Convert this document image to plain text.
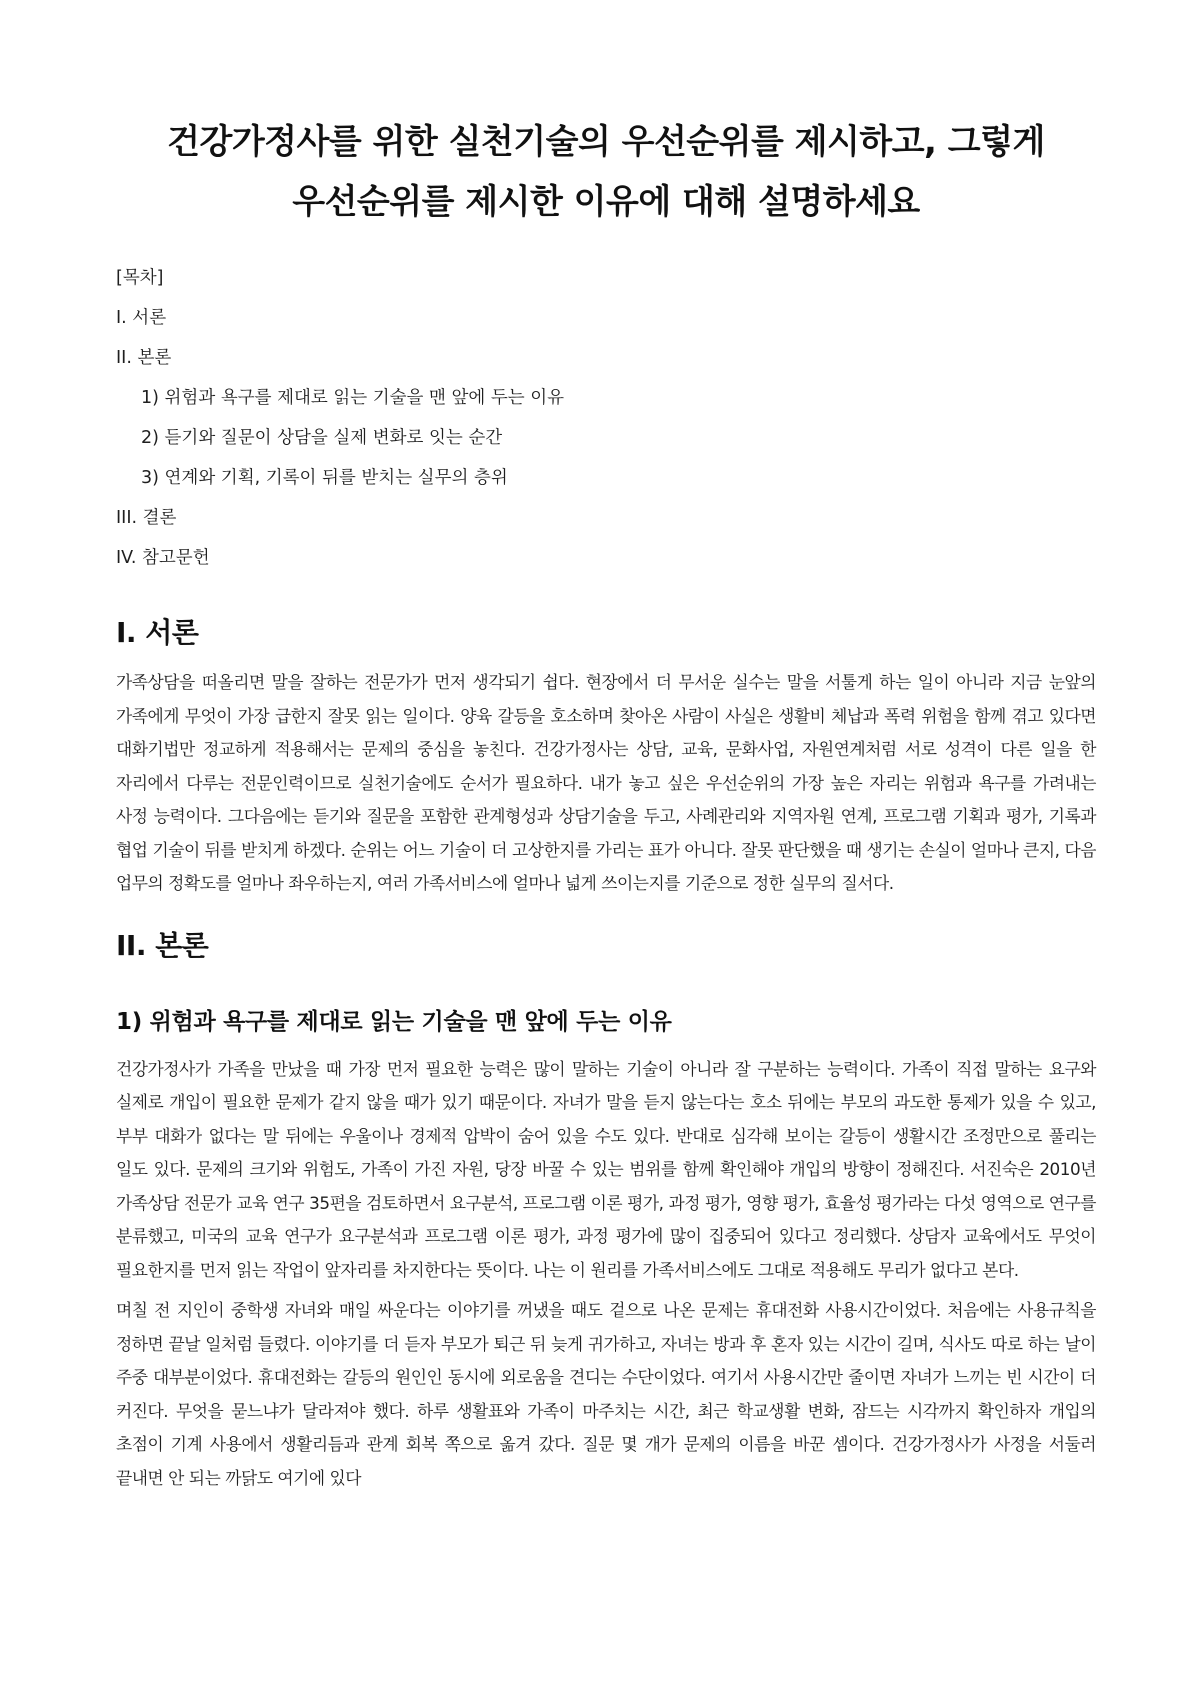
건강가정사를 위한 실천기술의 우선순위를 제시하고, 그렇게
우선순위를 제시한 이유에 대해 설명하세요
[목차]
I. 서론
II. 본론
1) 위험과 욕구를 제대로 읽는 기술을 맨 앞에 두는 이유
2) 듣기와 질문이 상담을 실제 변화로 잇는 순간
3) 연계와 기획, 기록이 뒤를 받치는 실무의 층위
III. 결론
IV. 참고문헌
I. 서론

가족상담을 떠올리면 말을 잘하는 전문가가 먼저 생각되기 쉽다. 현장에서 더 무서운 실수는 말을 서툴게 하는 일이 아니라 지금 눈앞의 가족에게 무엇이 가장 급한지 잘못 읽는 일이다. 양육 갈등을 호소하며 찾아온 사람이 사실은 생활비 체납과 폭력 위험을 함께 겪고 있다면 대화기법만 정교하게 적용해서는 문제의 중심을 놓친다. 건강가정사는 상담, 교육, 문화사업, 자원연계처럼 서로 성격이 다른 일을 한 자리에서 다루는 전문인력이므로 실천기술에도 순서가 필요하다. 내가 놓고 싶은 우선순위의 가장 높은 자리는 위험과 욕구를 가려내는 사정 능력이다. 그다음에는 듣기와 질문을 포함한 관계형성과 상담기술을 두고, 사례관리와 지역자원 연계, 프로그램 기획과 평가, 기록과 협업 기술이 뒤를 받치게 하겠다. 순위는 어느 기술이 더 고상한지를 가리는 표가 아니다. 잘못 판단했을 때 생기는 손실이 얼마나 큰지, 다음 업무의 정확도를 얼마나 좌우하는지, 여러 가족서비스에 얼마나 넓게 쓰이는지를 기준으로 정한 실무의 질서다.

II. 본론
1) 위험과 욕구를 제대로 읽는 기술을 맨 앞에 두는 이유

건강가정사가 가족을 만났을 때 가장 먼저 필요한 능력은 많이 말하는 기술이 아니라 잘 구분하는 능력이다. 가족이 직접 말하는 요구와 실제로 개입이 필요한 문제가 같지 않을 때가 있기 때문이다. 자녀가 말을 듣지 않는다는 호소 뒤에는 부모의 과도한 통제가 있을 수 있고, 부부 대화가 없다는 말 뒤에는 우울이나 경제적 압박이 숨어 있을 수도 있다. 반대로 심각해 보이는 갈등이 생활시간 조정만으로 풀리는 일도 있다. 문제의 크기와 위험도, 가족이 가진 자원, 당장 바꿀 수 있는 범위를 함께 확인해야 개입의 방향이 정해진다. 서진숙은 2010년 가족상담 전문가 교육 연구 35편을 검토하면서 요구분석, 프로그램 이론 평가, 과정 평가, 영향 평가, 효율성 평가라는 다섯 영역으로 연구를 분류했고, 미국의 교육 연구가 요구분석과 프로그램 이론 평가, 과정 평가에 많이 집중되어 있다고 정리했다. 상담자 교육에서도 무엇이 필요한지를 먼저 읽는 작업이 앞자리를 차지한다는 뜻이다. 나는 이 원리를 가족서비스에도 그대로 적용해도 무리가 없다고 본다.

며칠 전 지인이 중학생 자녀와 매일 싸운다는 이야기를 꺼냈을 때도 겉으로 나온 문제는 휴대전화 사용시간이었다. 처음에는 사용규칙을 정하면 끝날 일처럼 들렸다. 이야기를 더 듣자 부모가 퇴근 뒤 늦게 귀가하고, 자녀는 방과 후 혼자 있는 시간이 길며, 식사도 따로 하는 날이 주중 대부분이었다. 휴대전화는 갈등의 원인인 동시에 외로움을 견디는 수단이었다. 여기서 사용시간만 줄이면 자녀가 느끼는 빈 시간이 더 커진다. 무엇을 묻느냐가 달라져야 했다. 하루 생활표와 가족이 마주치는 시간, 최근 학교생활 변화, 잠드는 시각까지 확인하자 개입의 초점이 기계 사용에서 생활리듬과 관계 회복 쪽으로 옮겨 갔다. 질문 몇 개가 문제의 이름을 바꾼 셈이다. 건강가정사가 사정을 서둘러 끝내면 안 되는 까닭도 여기에 있다
